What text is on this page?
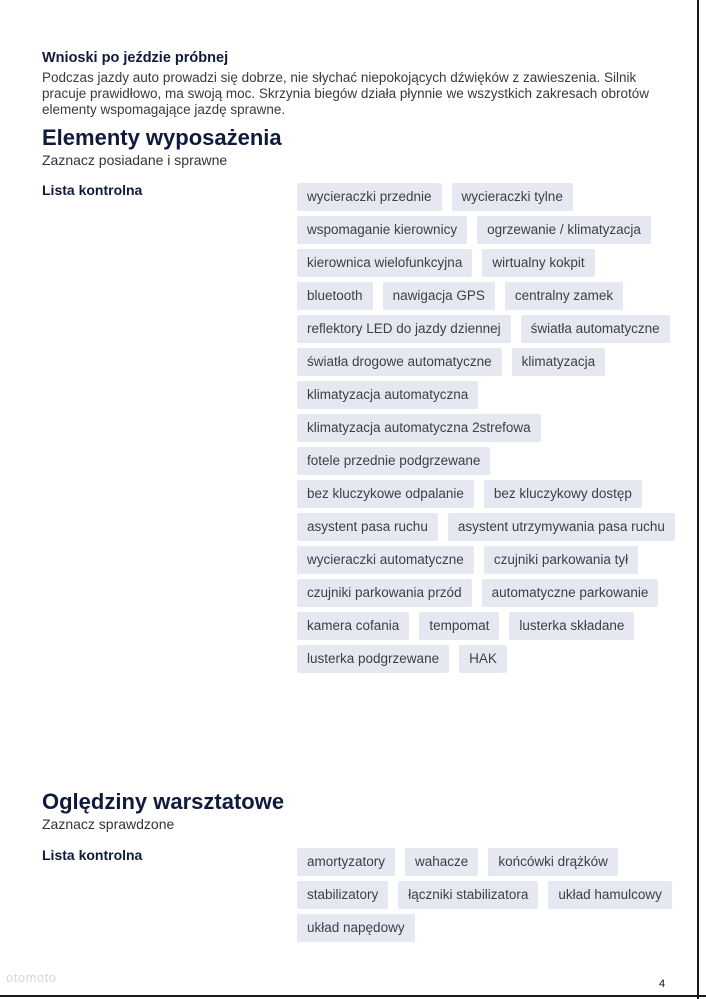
Wnioski po jeździe próbnej

Podczas jazdy auto prowadzi się dobrze, nie słychać niepokojących dźwięków z zawieszenia. Silnik pracuje prawidłowo, ma swoją moc. Skrzynia biegów działa płynnie we wszystkich zakresach obrotów elementy wspomagające jazdę sprawne.

Elementy wyposażenia

Zaznacz posiadane i sprawne

Lista kontrolna	wycieraczki przednie	wycieraczki tylne
wspomaganie kierownicy	ogrzewanie / klimatyzacja
kierownica wielofunkcyjna	wirtualny kokpit
bluetooth	nawigacja GPS	centralny zamek
reflektory LED do jazdy dziennej	światła automatyczne
światła drogowe automatyczne	klimatyzacja
klimatyzacja automatyczna
klimatyzacja automatyczna 2strefowa
fotele przednie podgrzewane
bez kluczykowe odpalanie	bez kluczykowy dostęp
asystent pasa ruchu	asystent utrzymywania pasa ruchu
wycieraczki automatyczne	czujniki parkowania tył
czujniki parkowania przód	automatyczne parkowanie
kamera cofania	tempomat	lusterka składane
lusterka podgrzewane	HAK
Oględziny warsztatowe

Zaznacz sprawdzone

Lista kontrolna	amortyzatory	wahacze	końcówki drążków
stabilizatory	łączniki stabilizatora	układ hamulcowy
układ napędowy
otomoto	4
